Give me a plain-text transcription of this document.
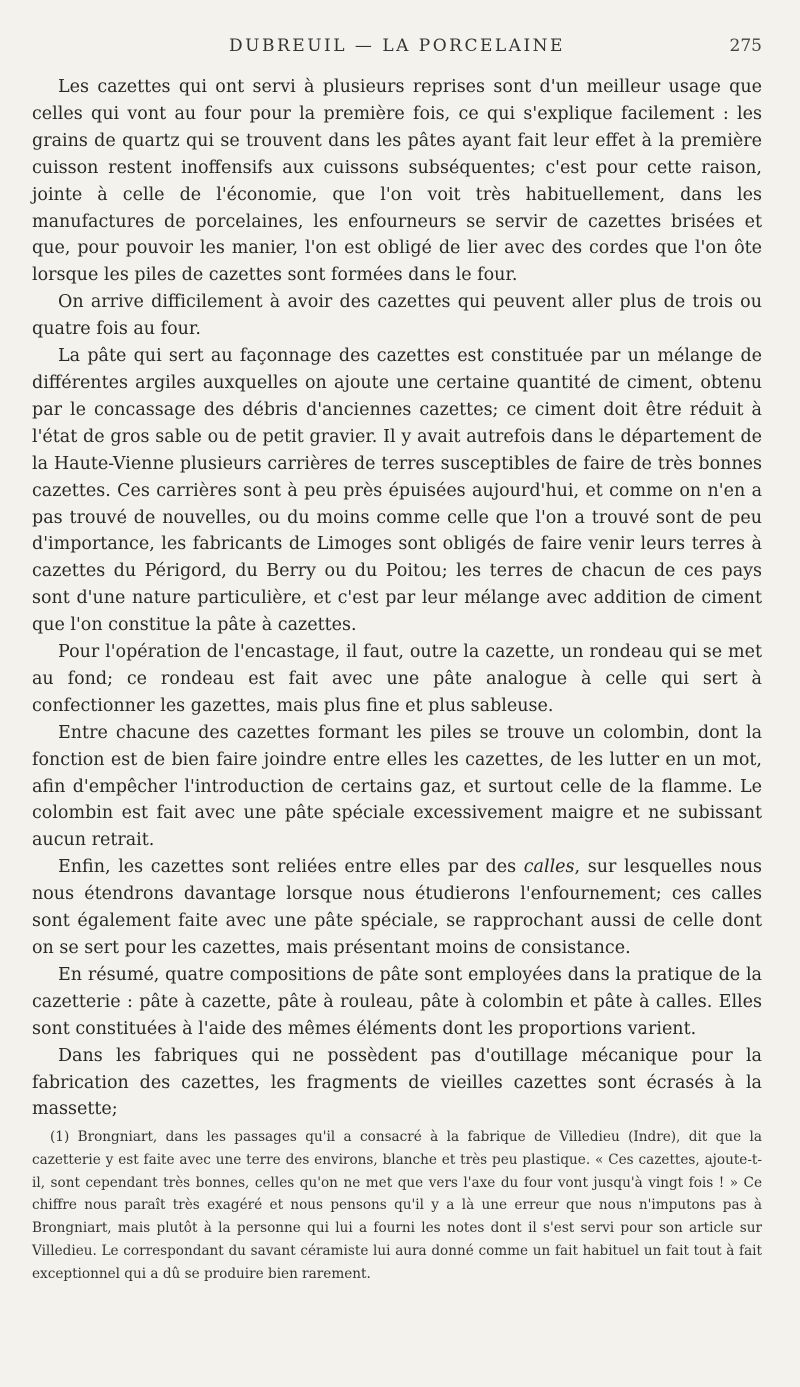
DUBREUIL — LA PORCELAINE	275

Les cazettes qui ont servi à plusieurs reprises sont d'un meilleur usage que celles qui vont au four pour la première fois, ce qui s'explique facilement : les grains de quartz qui se trouvent dans les pâtes ayant fait leur effet à la première cuisson restent inoffensifs aux cuissons subséquentes; c'est pour cette raison, jointe à celle de l'économie, que l'on voit très habituellement, dans les manufactures de porcelaines, les enfourneurs se servir de cazettes brisées et que, pour pouvoir les manier, l'on est obligé de lier avec des cordes que l'on ôte lorsque les piles de cazettes sont formées dans le four.

On arrive difficilement à avoir des cazettes qui peuvent aller plus de trois ou quatre fois au four.

La pâte qui sert au façonnage des cazettes est constituée par un mélange de différentes argiles auxquelles on ajoute une certaine quantité de ciment, obtenu par le concassage des débris d'anciennes cazettes; ce ciment doit être réduit à l'état de gros sable ou de petit gravier. Il y avait autrefois dans le département de la Haute-Vienne plusieurs carrières de terres susceptibles de faire de très bonnes cazettes. Ces carrières sont à peu près épuisées aujourd'hui, et comme on n'en a pas trouvé de nouvelles, ou du moins comme celle que l'on a trouvé sont de peu d'importance, les fabricants de Limoges sont obligés de faire venir leurs terres à cazettes du Périgord, du Berry ou du Poitou; les terres de chacun de ces pays sont d'une nature particulière, et c'est par leur mélange avec addition de ciment que l'on constitue la pâte à cazettes.

Pour l'opération de l'encastage, il faut, outre la cazette, un rondeau qui se met au fond; ce rondeau est fait avec une pâte analogue à celle qui sert à confectionner les gazettes, mais plus fine et plus sableuse.

Entre chacune des cazettes formant les piles se trouve un colombin, dont la fonction est de bien faire joindre entre elles les cazettes, de les lutter en un mot, afin d'empêcher l'introduction de certains gaz, et surtout celle de la flamme. Le colombin est fait avec une pâte spéciale excessivement maigre et ne subissant aucun retrait.

Enfin, les cazettes sont reliées entre elles par des calles, sur lesquelles nous nous étendrons davantage lorsque nous étudierons l'enfournement; ces calles sont également faite avec une pâte spéciale, se rapprochant aussi de celle dont on se sert pour les cazettes, mais présentant moins de consistance.

En résumé, quatre compositions de pâte sont employées dans la pratique de la cazetterie : pâte à cazette, pâte à rouleau, pâte à colombin et pâte à calles. Elles sont constituées à l'aide des mêmes éléments dont les proportions varient.

Dans les fabriques qui ne possèdent pas d'outillage mécanique pour la fabrication des cazettes, les fragments de vieilles cazettes sont écrasés à la massette;

(1) Brongniart, dans les passages qu'il a consacré à la fabrique de Villedieu (Indre), dit que la cazetterie y est faite avec une terre des environs, blanche et très peu plastique. « Ces cazettes, ajoute-t-il, sont cependant très bonnes, celles qu'on ne met que vers l'axe du four vont jusqu'à vingt fois ! » Ce chiffre nous paraît très exagéré et nous pensons qu'il y a là une erreur que nous n'imputons pas à Brongniart, mais plutôt à la personne qui lui a fourni les notes dont il s'est servi pour son article sur Villedieu. Le correspondant du savant céramiste lui aura donné comme un fait habituel un fait tout à fait exceptionnel qui a dû se produire bien rarement.
